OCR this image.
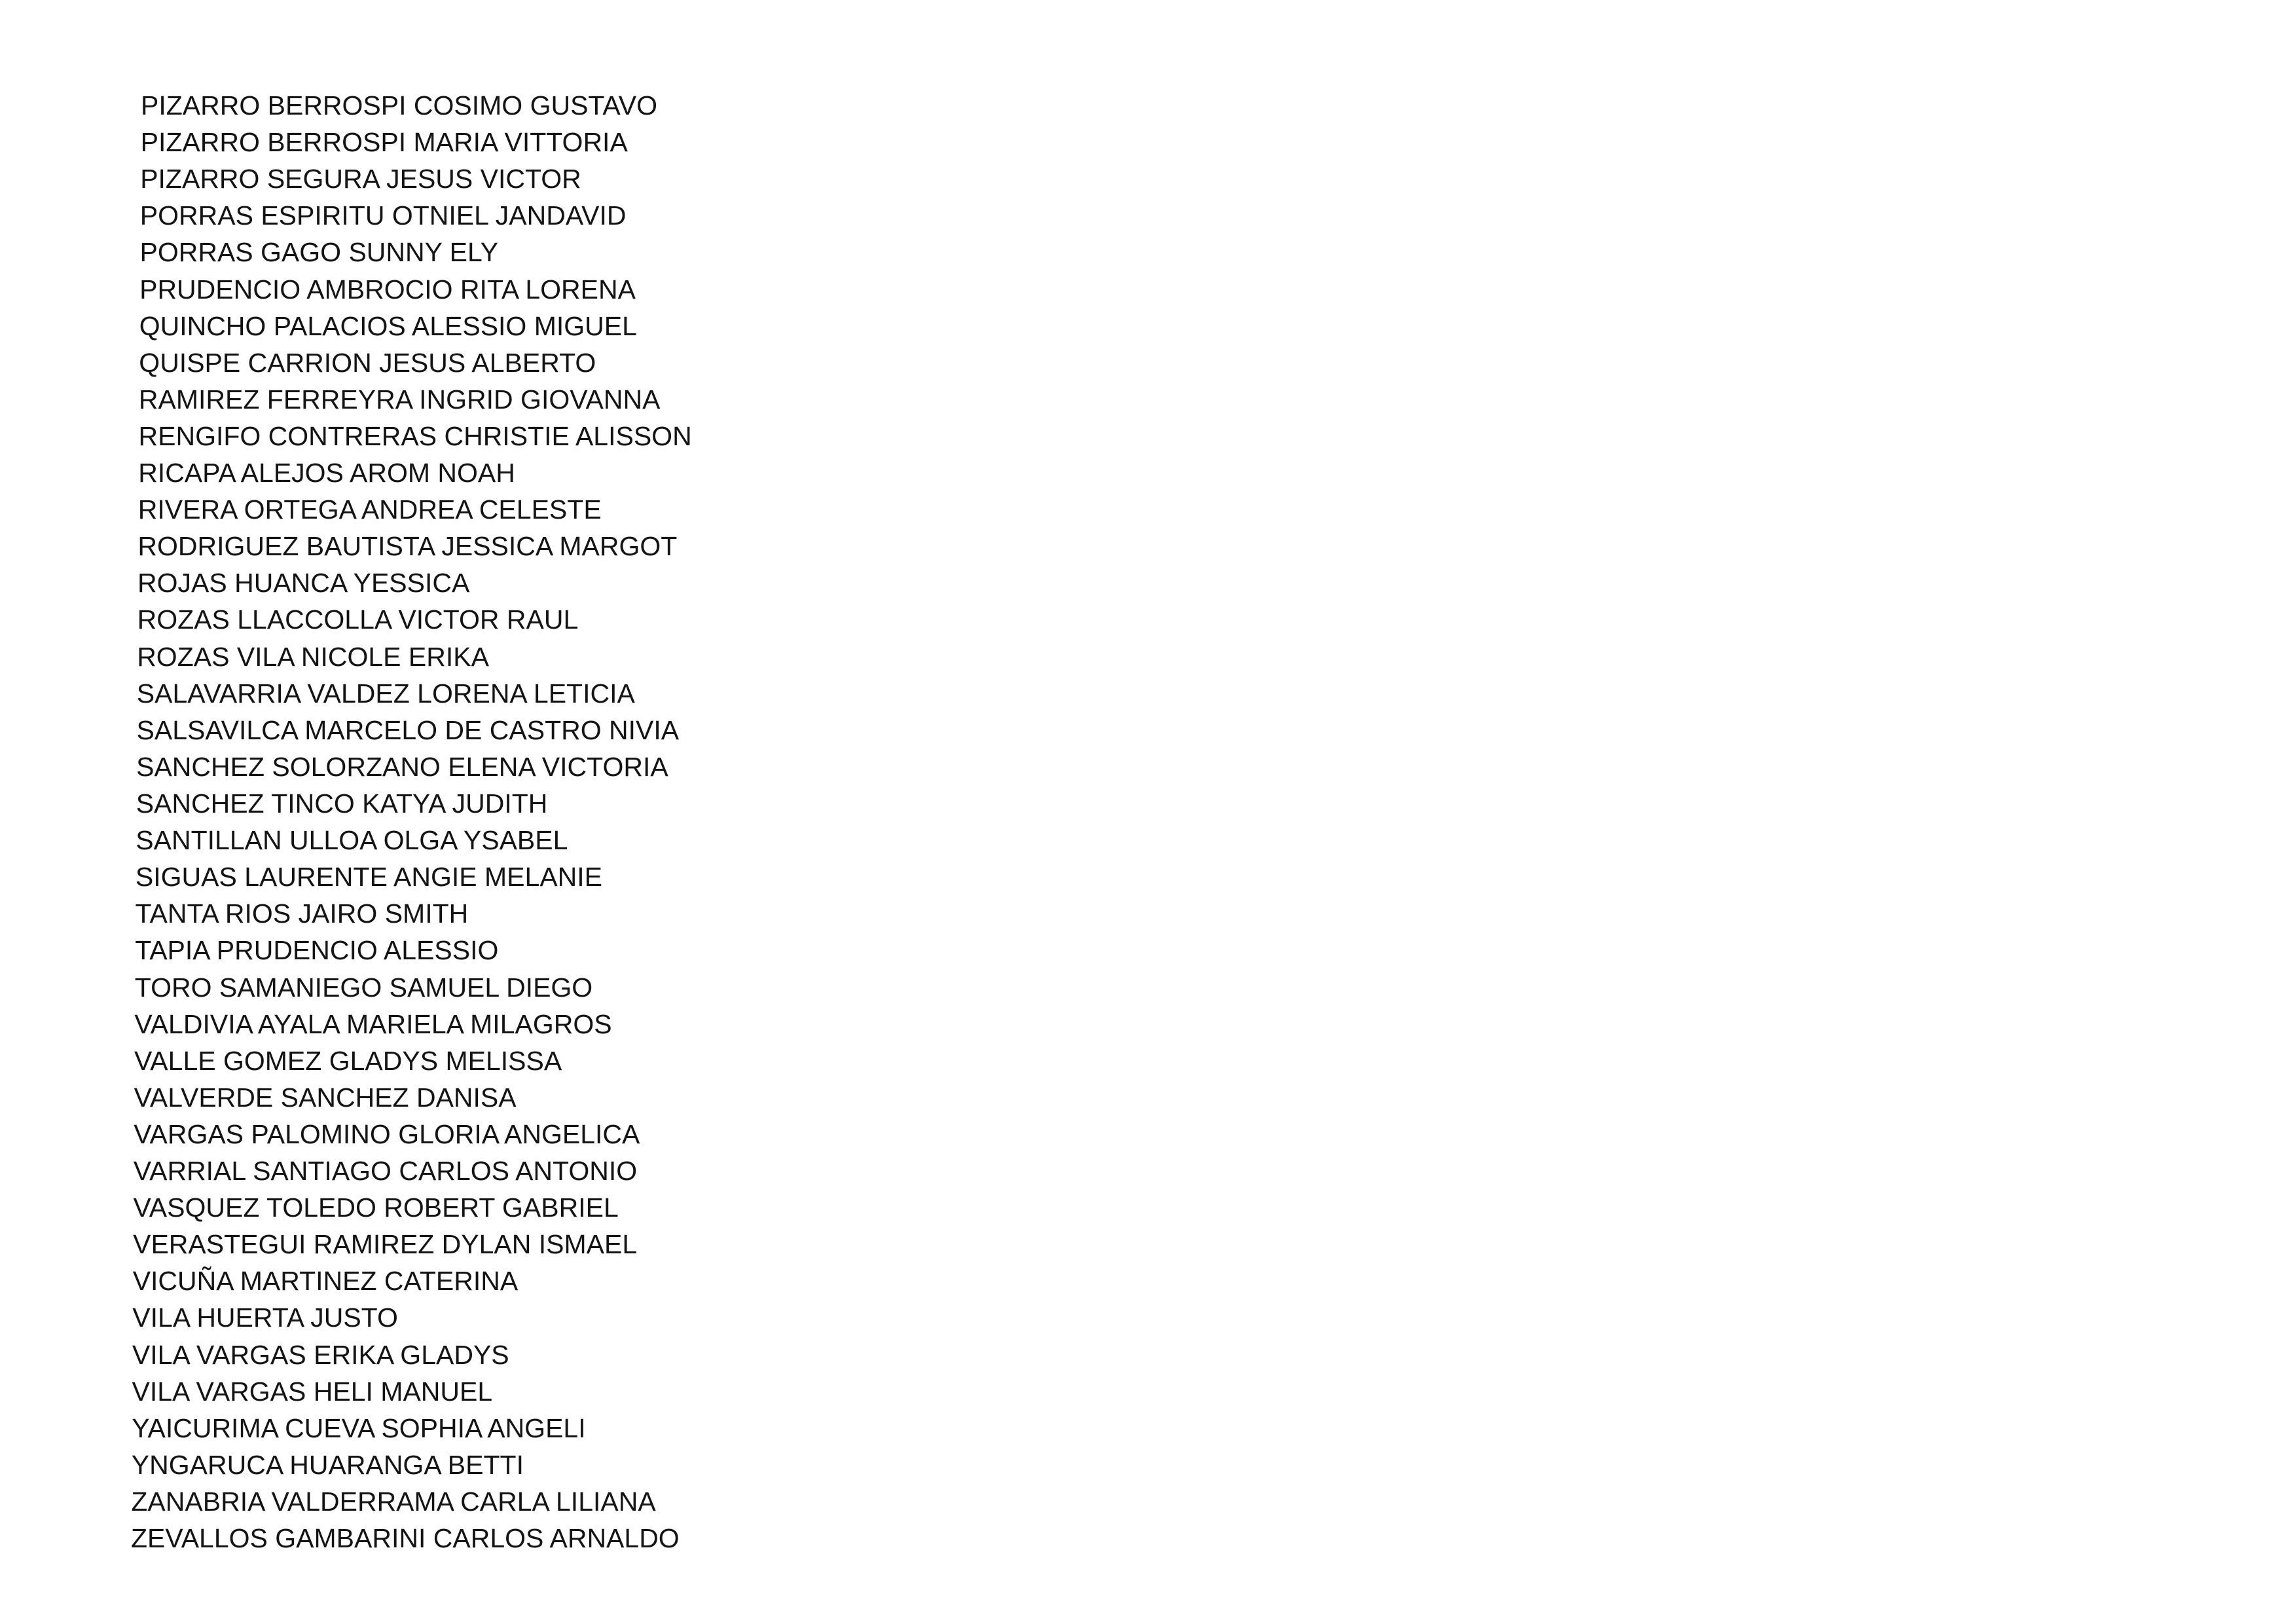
PIZARRO BERROSPI COSIMO GUSTAVO
PIZARRO BERROSPI MARIA VITTORIA
PIZARRO SEGURA JESUS VICTOR
PORRAS ESPIRITU OTNIEL JANDAVID
PORRAS GAGO SUNNY ELY
PRUDENCIO AMBROCIO RITA LORENA
QUINCHO PALACIOS ALESSIO MIGUEL
QUISPE CARRION JESUS ALBERTO
RAMIREZ FERREYRA INGRID GIOVANNA
RENGIFO CONTRERAS CHRISTIE ALISSON
RICAPA ALEJOS AROM NOAH
RIVERA ORTEGA ANDREA CELESTE
RODRIGUEZ BAUTISTA JESSICA MARGOT
ROJAS HUANCA YESSICA
ROZAS LLACCOLLA VICTOR RAUL
ROZAS VILA NICOLE ERIKA
SALAVARRIA VALDEZ LORENA LETICIA
SALSAVILCA MARCELO DE CASTRO NIVIA
SANCHEZ SOLORZANO ELENA VICTORIA
SANCHEZ TINCO KATYA JUDITH
SANTILLAN ULLOA OLGA YSABEL
SIGUAS LAURENTE ANGIE MELANIE
TANTA RIOS JAIRO SMITH
TAPIA PRUDENCIO ALESSIO
TORO SAMANIEGO SAMUEL DIEGO
VALDIVIA AYALA MARIELA MILAGROS
VALLE GOMEZ GLADYS MELISSA
VALVERDE SANCHEZ DANISA
VARGAS PALOMINO GLORIA ANGELICA
VARRIAL SANTIAGO CARLOS ANTONIO
VASQUEZ TOLEDO ROBERT GABRIEL
VERASTEGUI RAMIREZ DYLAN ISMAEL
VICUÑA MARTINEZ CATERINA
VILA HUERTA JUSTO
VILA VARGAS ERIKA GLADYS
VILA VARGAS HELI MANUEL
YAICURIMA CUEVA SOPHIA ANGELI
YNGARUCA HUARANGA BETTI
ZANABRIA VALDERRAMA CARLA LILIANA
ZEVALLOS GAMBARINI CARLOS ARNALDO
